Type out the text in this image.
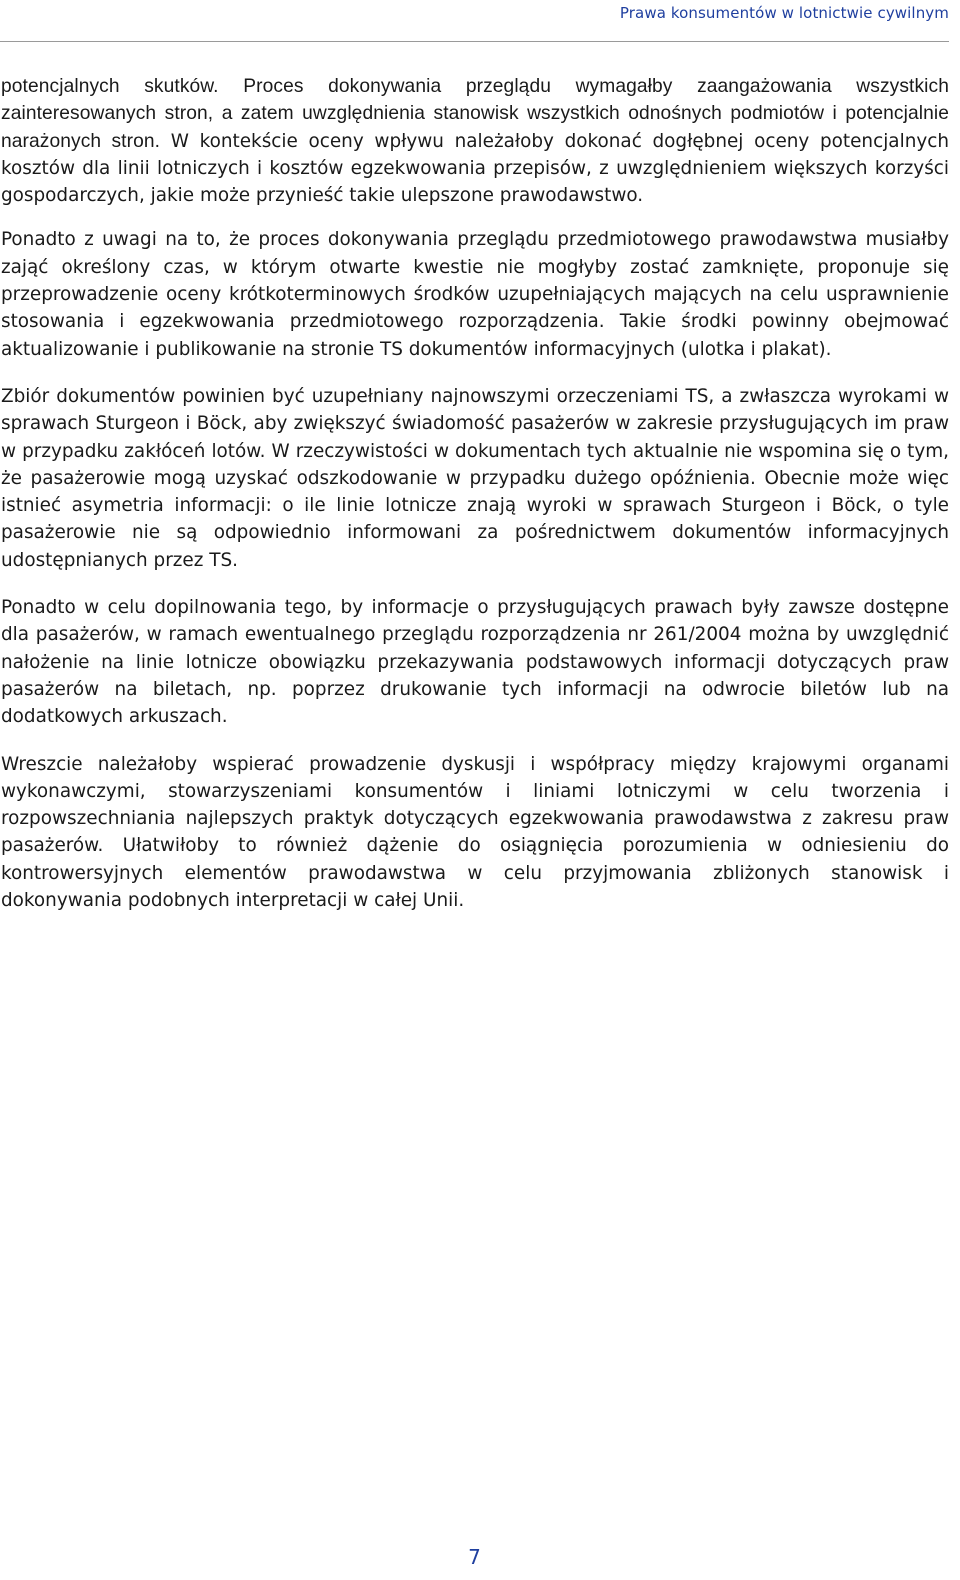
Prawa konsumentów w lotnictwie cywilnym

potencjalnych skutków. Proces dokonywania przeglądu wymagałby zaangażowania wszystkich zainteresowanych stron, a zatem uwzględnienia stanowisk wszystkich odnośnych podmiotów i potencjalnie narażonych stron. W kontekście oceny wpływu należałoby dokonać dogłębnej oceny potencjalnych kosztów dla linii lotniczych i kosztów egzekwowania przepisów, z uwzględnieniem większych korzyści gospodarczych, jakie może przynieść takie ulepszone prawodawstwo.

Ponadto z uwagi na to, że proces dokonywania przeglądu przedmiotowego prawodawstwa musiałby zająć określony czas, w którym otwarte kwestie nie mogłyby zostać zamknięte, proponuje się przeprowadzenie oceny krótkoterminowych środków uzupełniających mających na celu usprawnienie stosowania i egzekwowania przedmiotowego rozporządzenia. Takie środki powinny obejmować aktualizowanie i publikowanie na stronie TS dokumentów informacyjnych (ulotka i plakat).

Zbiór dokumentów powinien być uzupełniany najnowszymi orzeczeniami TS, a zwłaszcza wyrokami w sprawach Sturgeon i Böck, aby zwiększyć świadomość pasażerów w zakresie przysługujących im praw w przypadku zakłóceń lotów. W rzeczywistości w dokumentach tych aktualnie nie wspomina się o tym, że pasażerowie mogą uzyskać odszkodowanie w przypadku dużego opóźnienia. Obecnie może więc istnieć asymetria informacji: o ile linie lotnicze znają wyroki w sprawach Sturgeon i Böck, o tyle pasażerowie nie są odpowiednio informowani za pośrednictwem dokumentów informacyjnych udostępnianych przez TS.

Ponadto w celu dopilnowania tego, by informacje o przysługujących prawach były zawsze dostępne dla pasażerów, w ramach ewentualnego przeglądu rozporządzenia nr 261/2004 można by uwzględnić nałożenie na linie lotnicze obowiązku przekazywania podstawowych informacji dotyczących praw pasażerów na biletach, np. poprzez drukowanie tych informacji na odwrocie biletów lub na dodatkowych arkuszach.

Wreszcie należałoby wspierać prowadzenie dyskusji i współpracy między krajowymi organami wykonawczymi, stowarzyszeniami konsumentów i liniami lotniczymi w celu tworzenia i rozpowszechniania najlepszych praktyk dotyczących egzekwowania prawodawstwa z zakresu praw pasażerów. Ułatwiłoby to również dążenie do osiągnięcia porozumienia w odniesieniu do kontrowersyjnych elementów prawodawstwa w celu przyjmowania zbliżonych stanowisk i dokonywania podobnych interpretacji w całej Unii.

7
